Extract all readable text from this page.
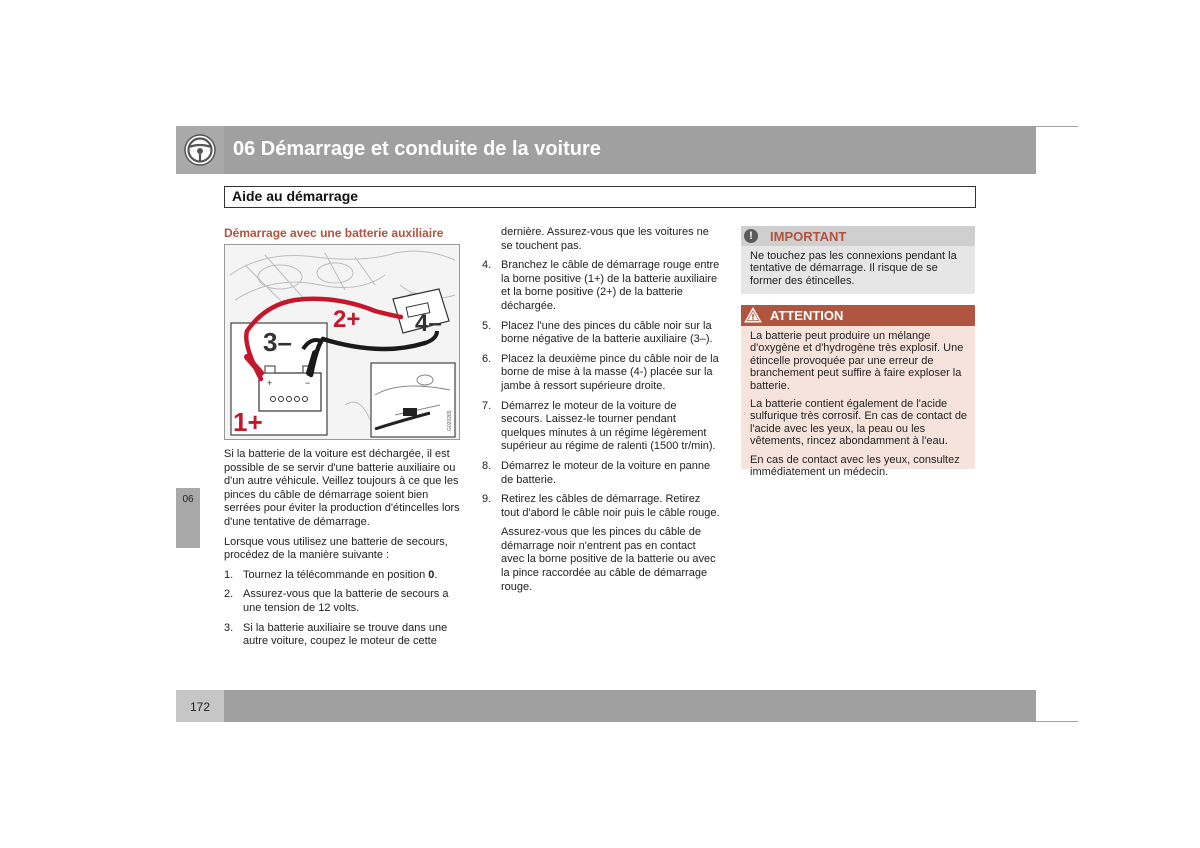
06 Démarrage et conduite de la voiture
Aide au démarrage
06
Démarrage avec une batterie auxiliaire
+	−
G020265
3–
2+ 4–
1+

Si la batterie de la voiture est déchargée, il est possible de se servir d'une batterie auxiliaire ou d'un autre véhicule. Veillez toujours à ce que les pinces du câble de démarrage soient bien serrées pour éviter la production d'étincelles lors d'une tentative de démarrage.

Lorsque vous utilisez une batterie de secours, procédez de la manière suivante :

1. Tournez la télécommande en position 0.
2. Assurez-vous que la batterie de secours a une tension de 12 volts.
3. Si la batterie auxiliaire se trouve dans une autre voiture, coupez le moteur de cette
dernière. Assurez-vous que les voitures ne se touchent pas.
4. Branchez le câble de démarrage rouge entre la borne positive (1+) de la batterie auxiliaire et la borne positive (2+) de la batterie déchargée.
5. Placez l'une des pinces du câble noir sur la borne négative de la batterie auxiliaire (3–).
6. Placez la deuxième pince du câble noir de la borne de mise à la masse (4-) placée sur la jambe à ressort supérieure droite.
7. Démarrez le moteur de la voiture de secours. Laissez-le tourner pendant quelques minutes à un régime légèrement supérieur au régime de ralenti (1500 tr/min).
8. Démarrez le moteur de la voiture en panne de batterie.
9. Retirez les câbles de démarrage. Retirez tout d'abord le câble noir puis le câble rouge.
Assurez-vous que les pinces du câble de démarrage noir n'entrent pas en contact avec la borne positive de la batterie ou avec la pince raccordée au câble de démarrage rouge.
!	IMPORTANT
Ne touchez pas les connexions pendant la tentative de démarrage. Il risque de se former des étincelles.
ATTENTION

La batterie peut produire un mélange d'oxygène et d'hydrogène très explosif. Une étincelle provoquée par une erreur de branchement peut suffire à faire exploser la batterie.

La batterie contient également de l'acide sulfurique très corrosif. En cas de contact de l'acide avec les yeux, la peau ou les vêtements, rincez abondamment à l'eau.

En cas de contact avec les yeux, consultez immédiatement un médecin.

172
